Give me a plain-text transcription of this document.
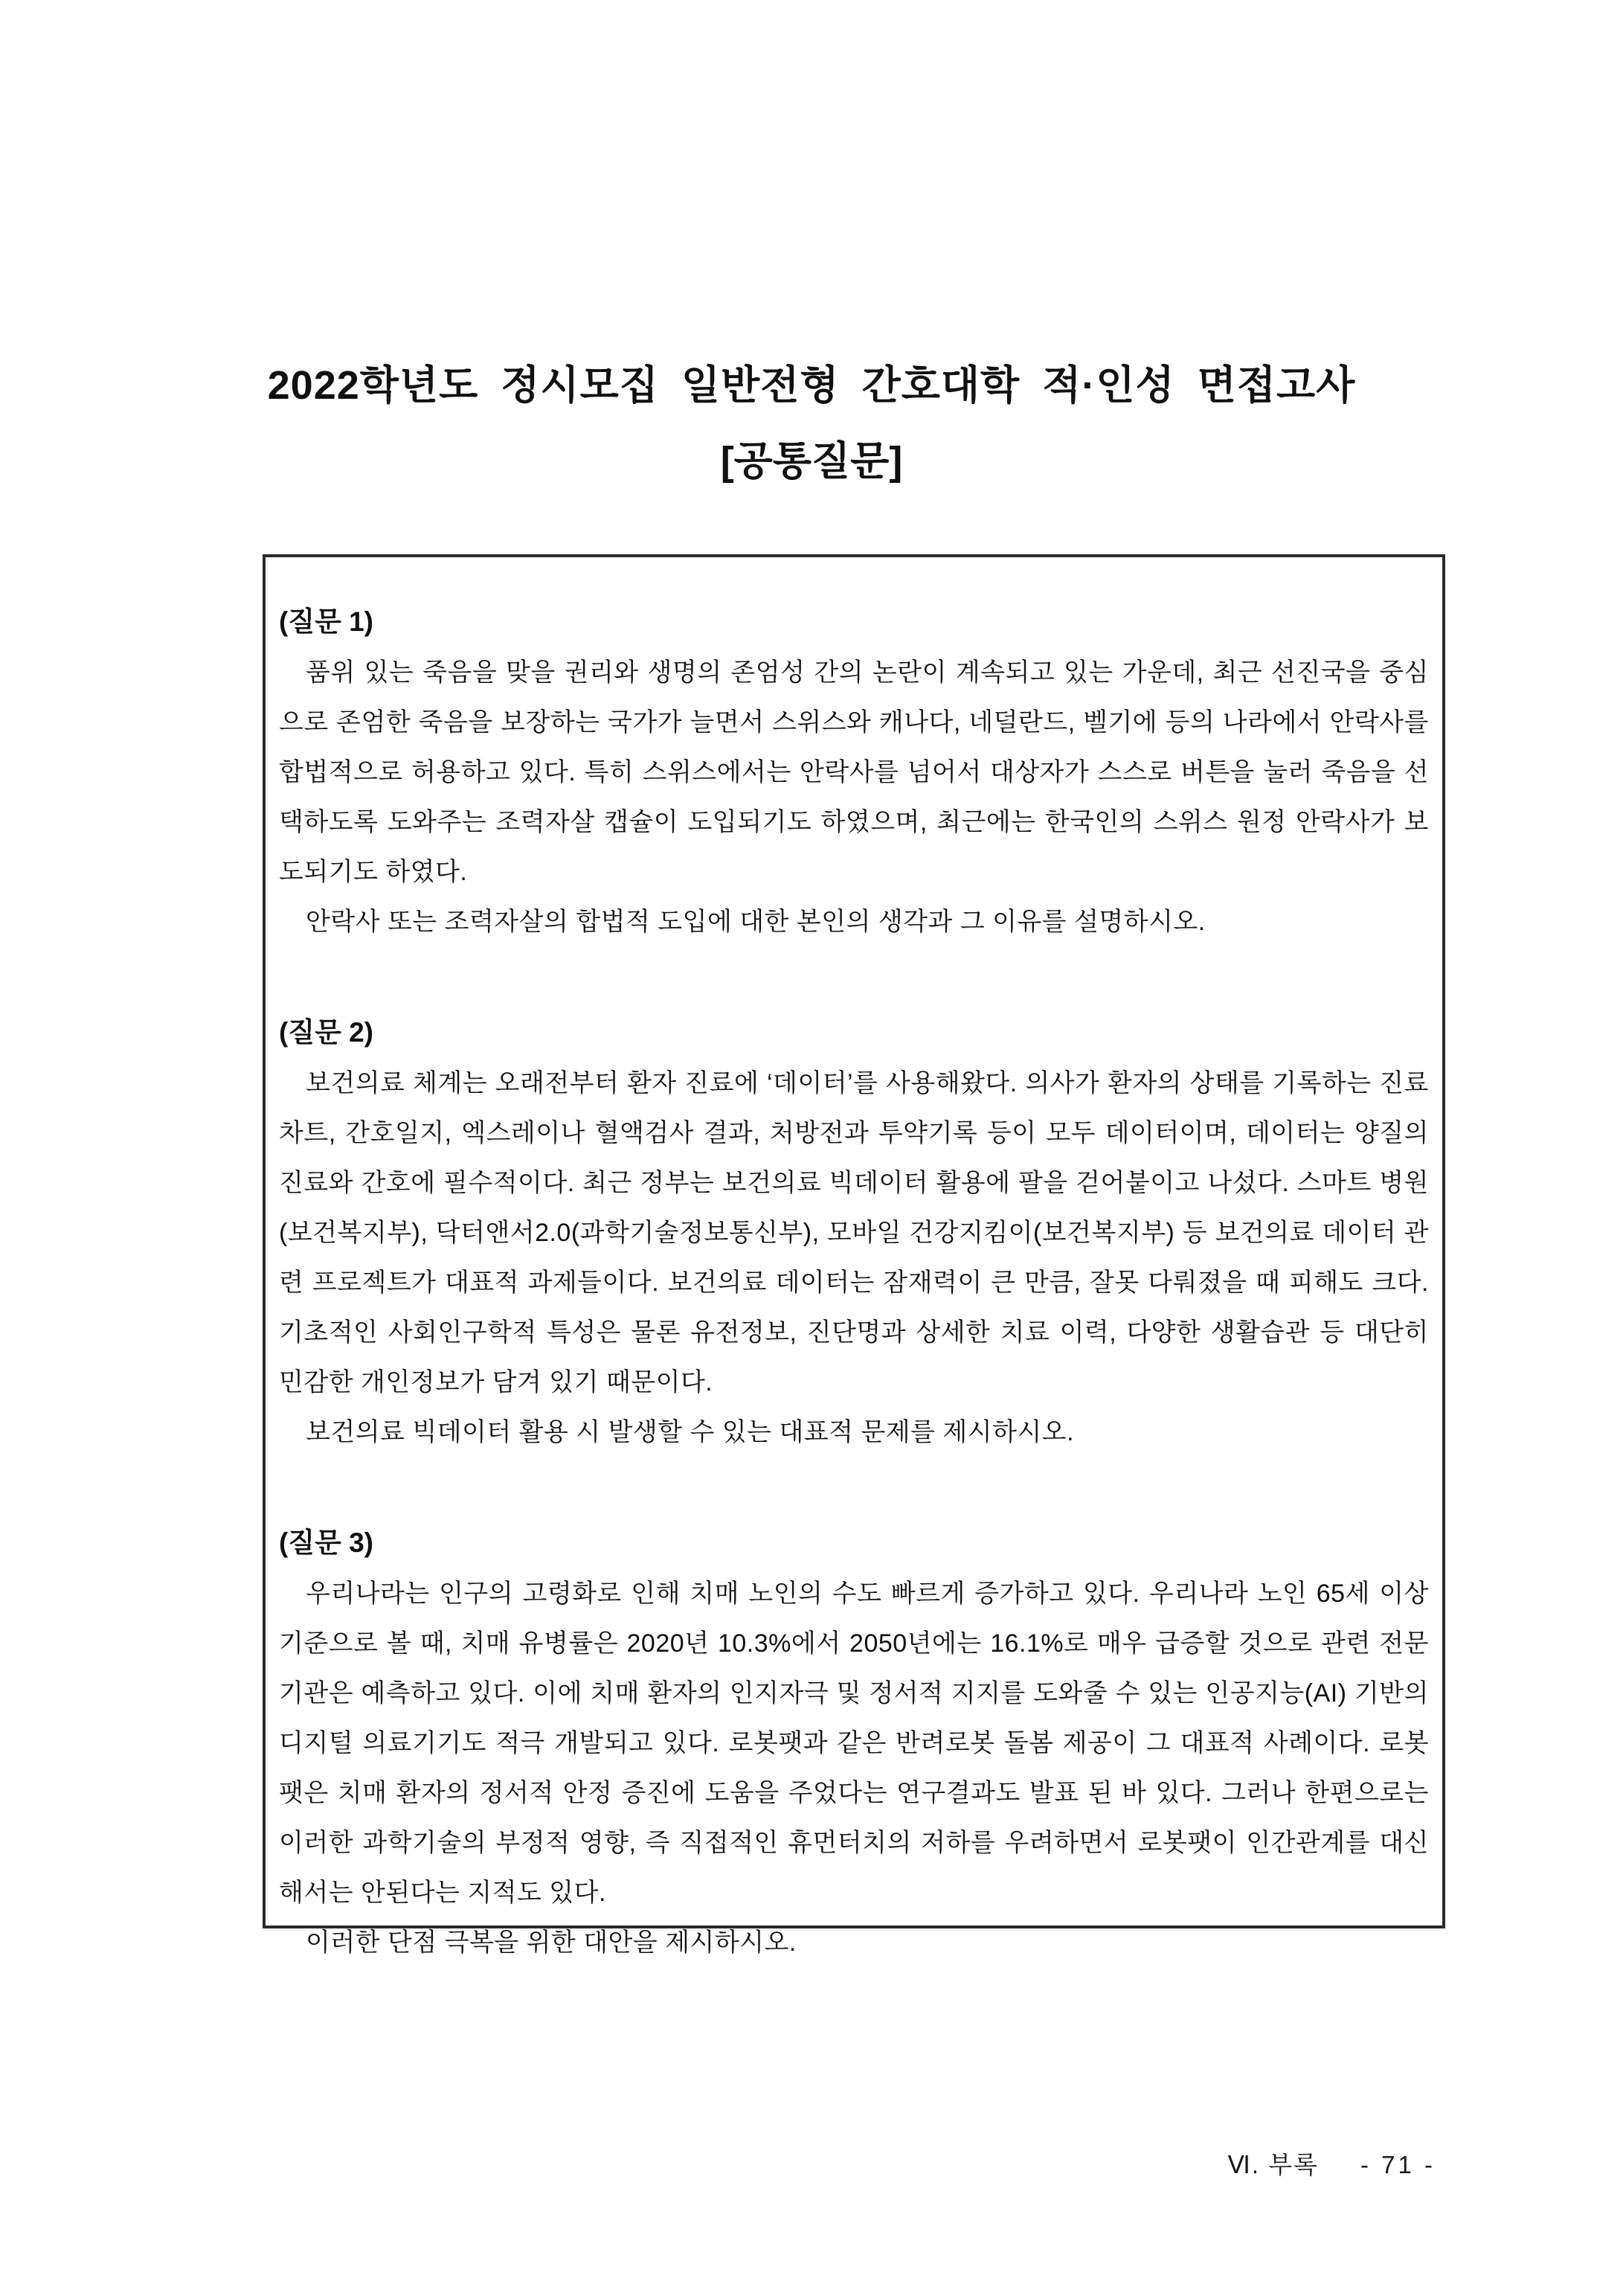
2022학년도 정시모집 일반전형 간호대학 적·인성 면접고사
[공통질문]

(질문 1)

품위 있는 죽음을 맞을 권리와 생명의 존엄성 간의 논란이 계속되고 있는 가운데, 최근 선진국을 중심으로 존엄한 죽음을 보장하는 국가가 늘면서 스위스와 캐나다, 네덜란드, 벨기에 등의 나라에서 안락사를 합법적으로 허용하고 있다. 특히 스위스에서는 안락사를 넘어서 대상자가 스스로 버튼을 눌러 죽음을 선택하도록 도와주는 조력자살 캡슐이 도입되기도 하였으며, 최근에는 한국인의 스위스 원정 안락사가 보도되기도 하였다.

안락사 또는 조력자살의 합법적 도입에 대한 본인의 생각과 그 이유를 설명하시오.

(질문 2)

보건의료 체계는 오래전부터 환자 진료에 ‘데이터’를 사용해왔다. 의사가 환자의 상태를 기록하는 진료 차트, 간호일지, 엑스레이나 혈액검사 결과, 처방전과 투약기록 등이 모두 데이터이며, 데이터는 양질의 진료와 간호에 필수적이다. 최근 정부는 보건의료 빅데이터 활용에 팔을 걷어붙이고 나섰다. 스마트 병원(보건복지부), 닥터앤서2.0(과학기술정보통신부), 모바일 건강지킴이(보건복지부) 등 보건의료 데이터 관련 프로젝트가 대표적 과제들이다. 보건의료 데이터는 잠재력이 큰 만큼, 잘못 다뤄졌을 때 피해도 크다. 기초적인 사회인구학적 특성은 물론 유전정보, 진단명과 상세한 치료 이력, 다양한 생활습관 등 대단히 민감한 개인정보가 담겨 있기 때문이다.

보건의료 빅데이터 활용 시 발생할 수 있는 대표적 문제를 제시하시오.

(질문 3)

우리나라는 인구의 고령화로 인해 치매 노인의 수도 빠르게 증가하고 있다. 우리나라 노인 65세 이상 기준으로 볼 때, 치매 유병률은 2020년 10.3%에서 2050년에는 16.1%로 매우 급증할 것으로 관련 전문기관은 예측하고 있다. 이에 치매 환자의 인지자극 및 정서적 지지를 도와줄 수 있는 인공지능(AI) 기반의 디지털 의료기기도 적극 개발되고 있다. 로봇팻과 같은 반려로봇 돌봄 제공이 그 대표적 사례이다. 로봇팻은 치매 환자의 정서적 안정 증진에 도움을 주었다는 연구결과도 발표 된 바 있다. 그러나 한편으로는 이러한 과학기술의 부정적 영향, 즉 직접적인 휴먼터치의 저하를 우려하면서 로봇팻이 인간관계를 대신해서는 안된다는 지적도 있다.

이러한 단점 극복을 위한 대안을 제시하시오.

Ⅵ. 부록 - 71 -
